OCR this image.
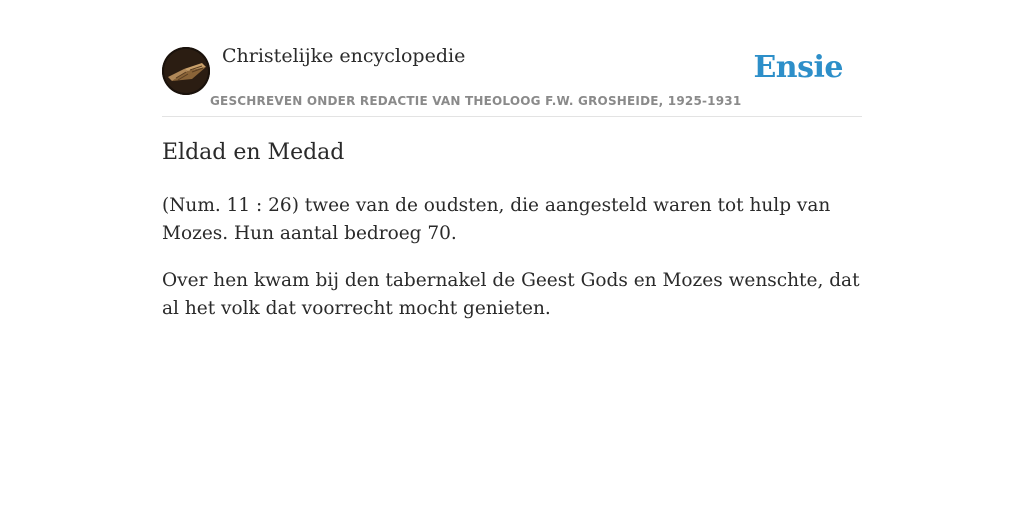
Christelijke encyclopedie
GESCHREVEN ONDER REDACTIE VAN THEOLOOG F.W. GROSHEIDE, 1925-1931
Ensie
Eldad en Medad

(Num. 11 : 26) twee van de oudsten, die aangesteld waren tot hulp van Mozes. Hun aantal bedroeg 70.

Over hen kwam bij den tabernakel de Geest Gods en Mozes wenschte, dat al het volk dat voorrecht mocht genieten.
